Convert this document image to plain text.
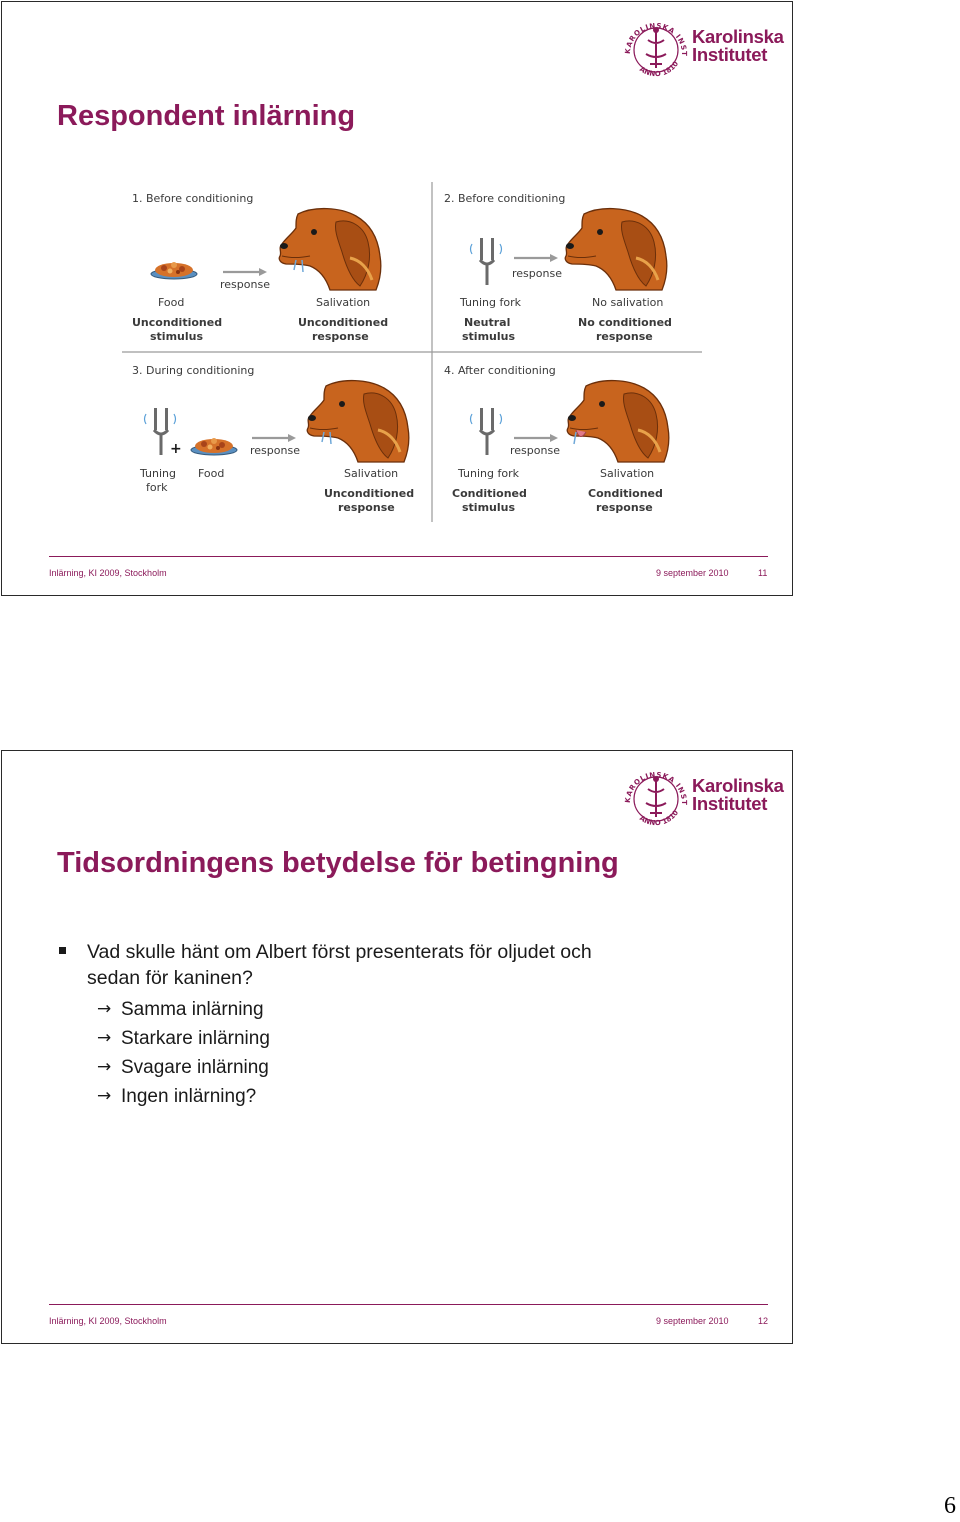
Respondent inlärning
KAROLINSKA INST
ANNO 1810
Karolinska
Institutet
1. Before conditioning
response
Food
Unconditioned
stimulus
Salivation
Unconditioned
response
2. Before conditioning
response
Tuning fork
Neutral
stimulus
No salivation
No conditioned
response
3. During conditioning
+	response
Tuning
fork
Food	Salivation
Unconditioned
response
4. After conditioning
response
Tuning fork
Conditioned
stimulus
Salivation
Conditioned
response
Inlärning, KI 2009, Stockholm	9 september 2010	11
Tidsordningens betydelse för betingning
KAROLINSKA INST
ANNO 1810
Karolinska
Institutet
Vad skulle hänt om Albert först presenterats för oljudet och
sedan för kaninen?
→ Samma inlärning
→ Starkare inlärning
→ Svagare inlärning
→ Ingen inlärning?
Inlärning, KI 2009, Stockholm	9 september 2010	12
6
